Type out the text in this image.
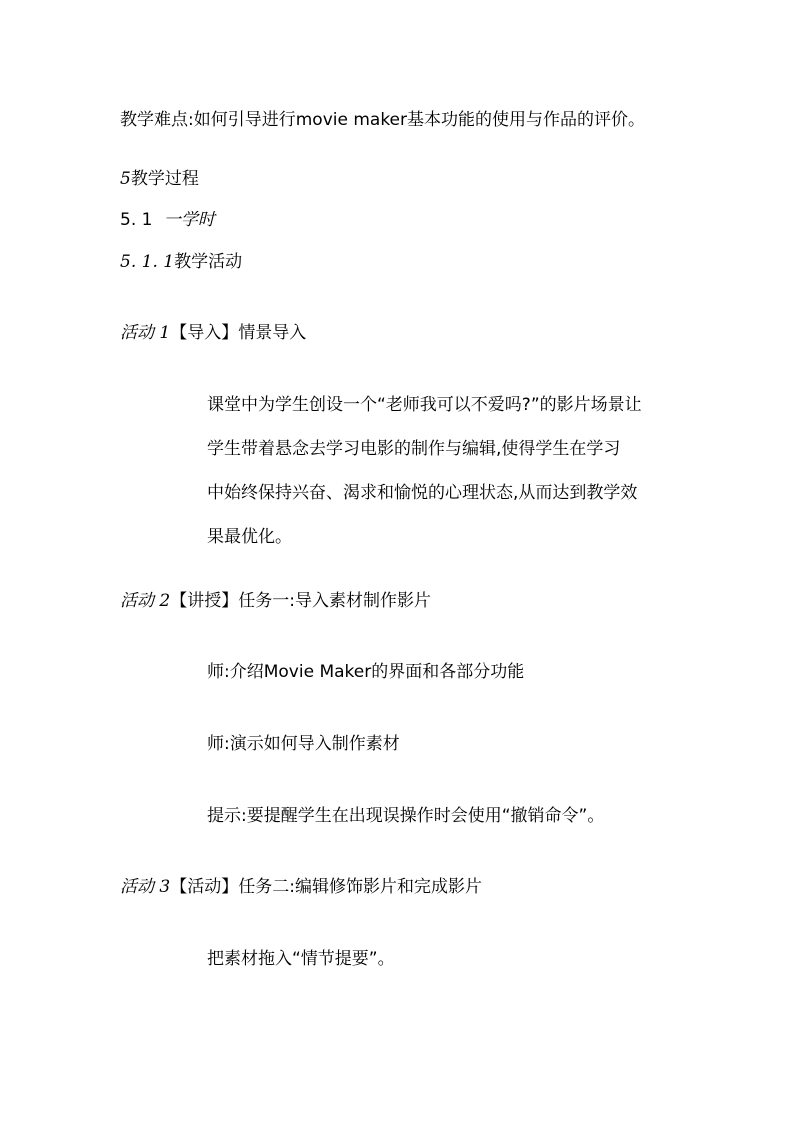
教学难点:如何引导进行movie maker基本功能的使用与作品的评价。
5教学过程
5. 1 一学时
5. 1. 1教学活动
活动 1【导入】情景导入
课堂中为学生创设一个“老师我可以不爱吗?”的影片场景让
学生带着悬念去学习电影的制作与编辑,使得学生在学习
中始终保持兴奋、渴求和愉悦的心理状态,从而达到教学效
果最优化。
活动 2【讲授】任务一:导入素材制作影片
师:介绍Movie Maker的界面和各部分功能
师:演示如何导入制作素材
提示:要提醒学生在出现误操作时会使用“撤销命令”。
活动 3【活动】任务二:编辑修饰影片和完成影片
把素材拖入“情节提要”。
